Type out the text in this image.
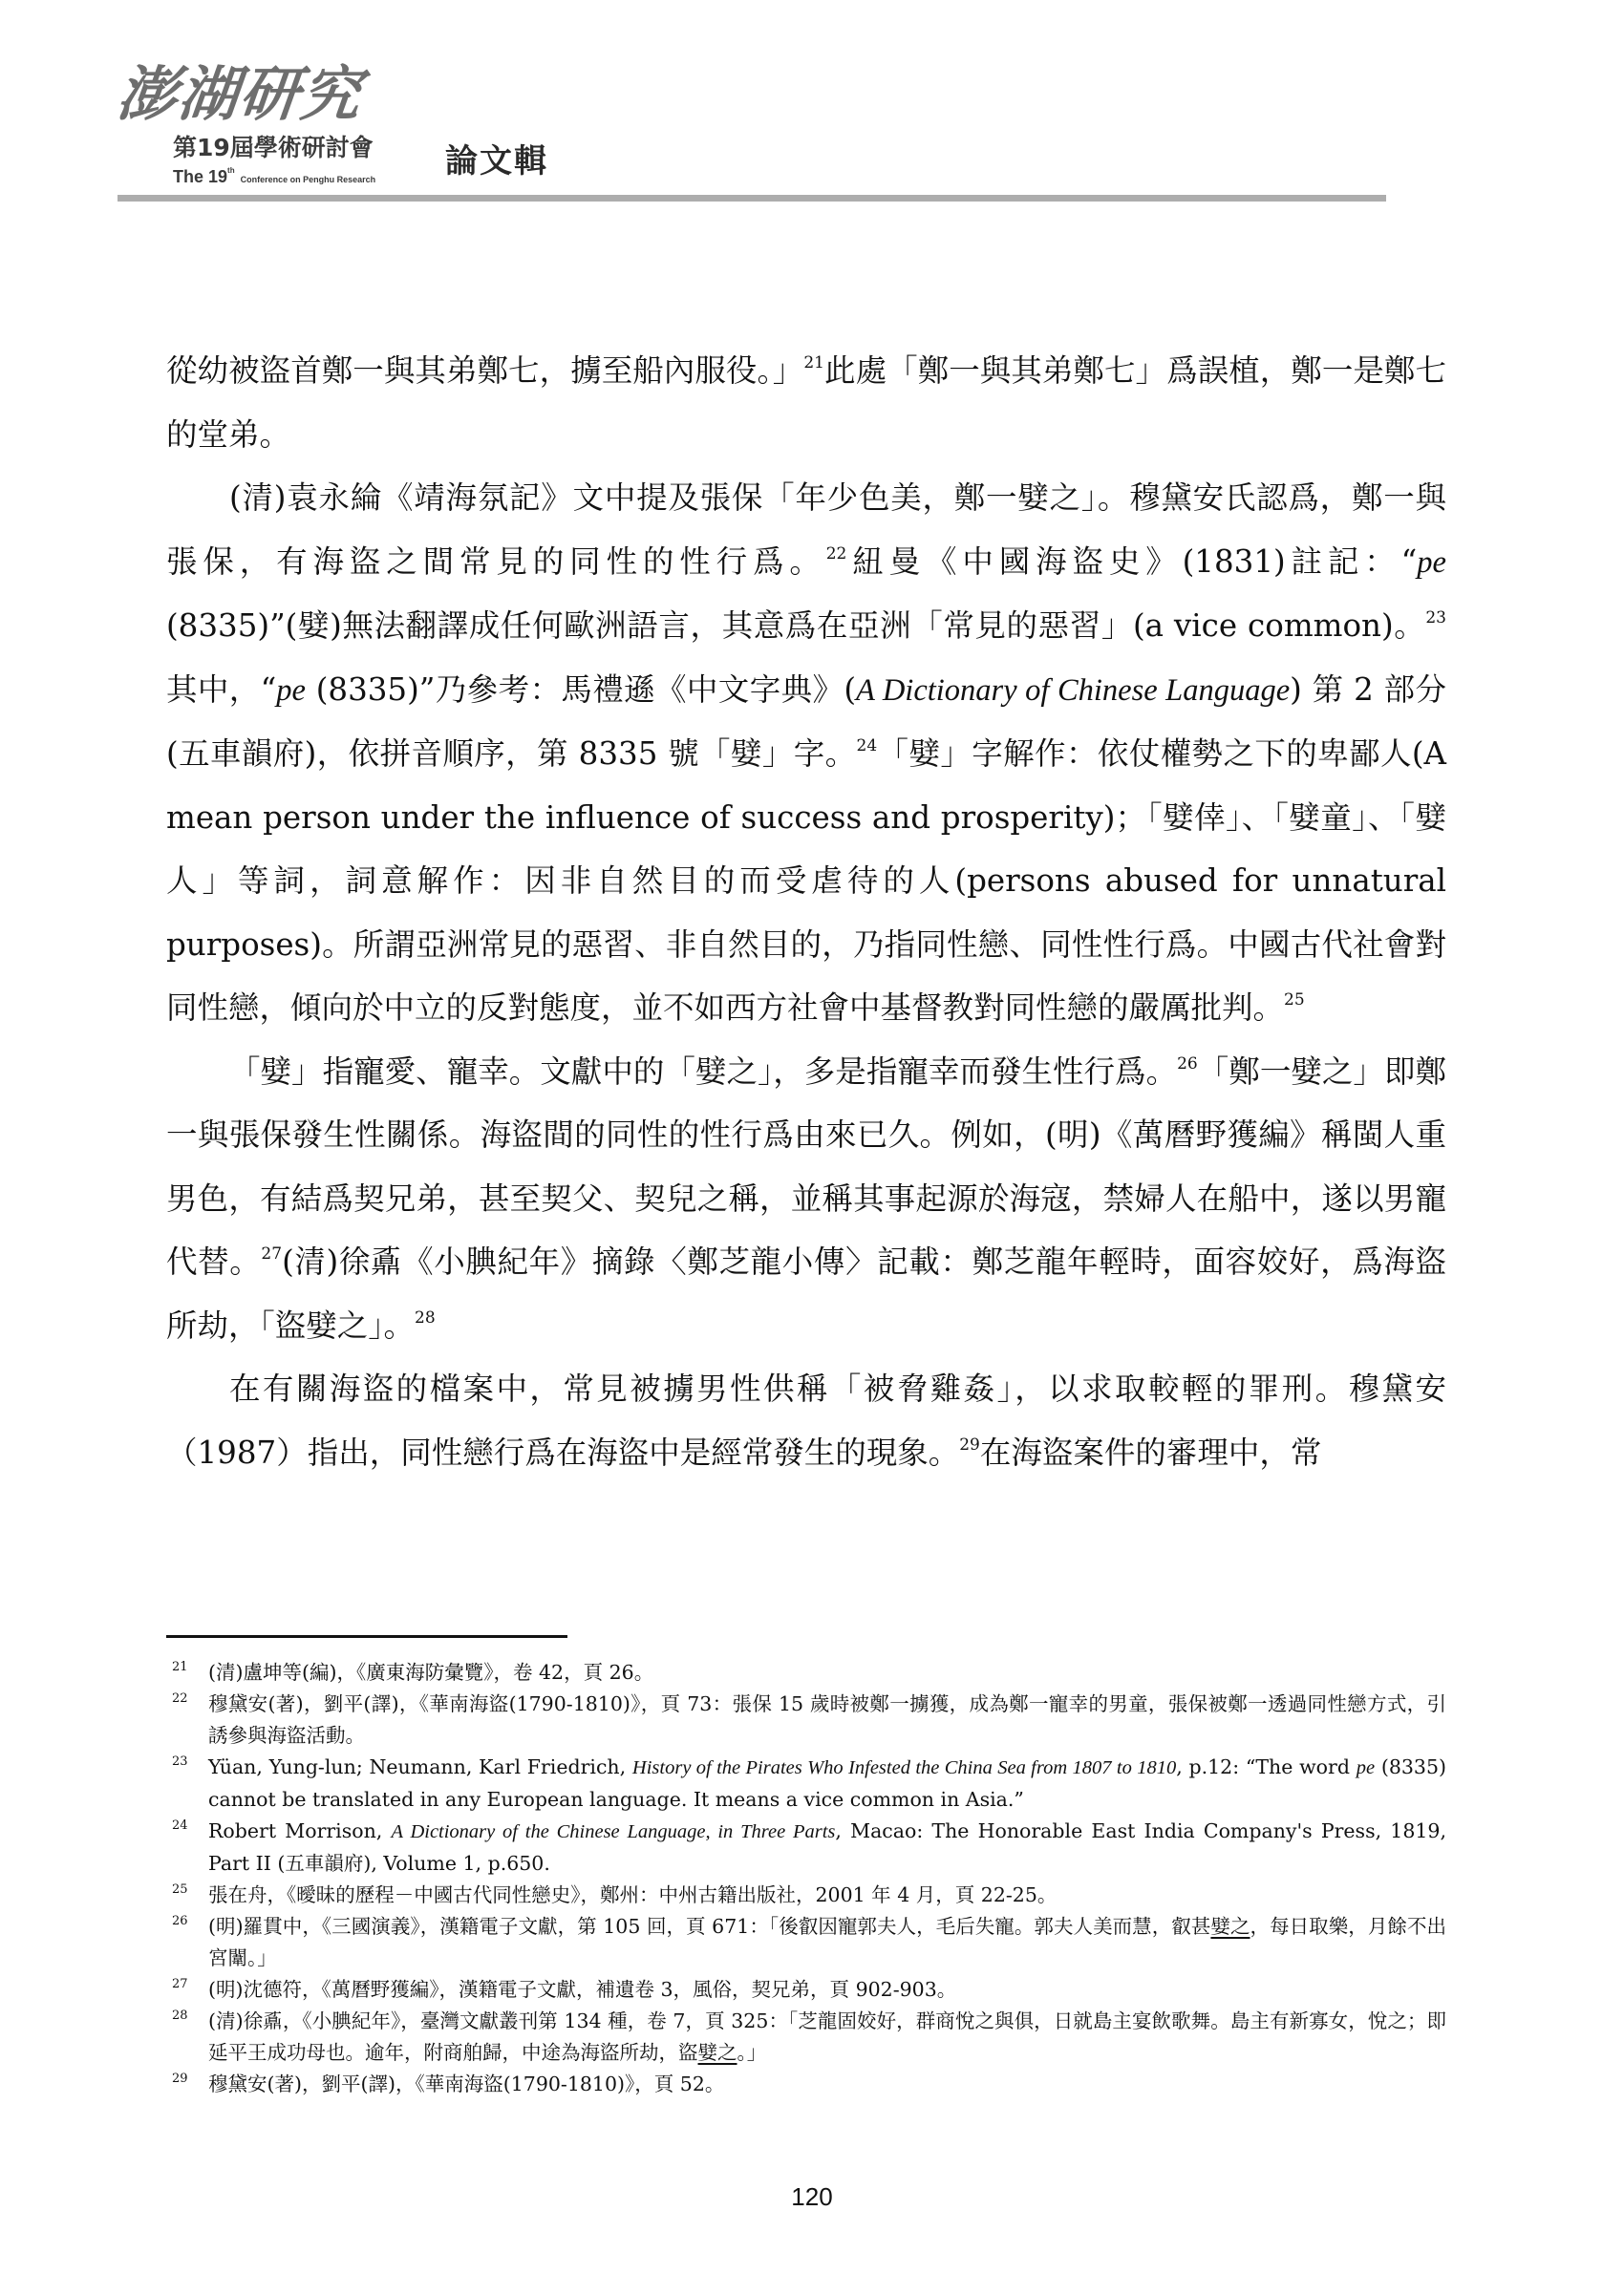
澎湖研究
第19屆學術研討會
The 19thConference on Penghu Research 論文輯

從幼被盜首鄭一與其弟鄭七，擄至船內服役。」$^{21}$此處「鄭一與其弟鄭七」爲誤植，鄭一是鄭七的堂弟。

(清)袁永綸《靖海氛記》文中提及張保「年少色美，鄭一嬖之」。穆黛安氏認爲，鄭一與張保，有海盜之間常見的同性的性行爲。$^{22}$紐曼《中國海盜史》(1831)註記：“pe (8335)”(嬖)無法翻譯成任何歐洲語言，其意爲在亞洲「常見的惡習」(a vice common)。$^{23}$其中，“pe (8335)”乃參考：馬禮遜《中文字典》(A Dictionary of Chinese Language) 第 2 部分(五車韻府)，依拼音順序，第 8335 號「嬖」字。$^{24}$「嬖」字解作：依仗權勢之下的卑鄙人(A mean person under the influence of success and prosperity)；「嬖倖」、「嬖童」、「嬖人」等詞，詞意解作：因非自然目的而受虐待的人(persons abused for unnatural purposes)。所謂亞洲常見的惡習、非自然目的，乃指同性戀、同性性行爲。中國古代社會對同性戀，傾向於中立的反對態度，並不如西方社會中基督教對同性戀的嚴厲批判。$^{25}$

「嬖」指寵愛、寵幸。文獻中的「嬖之」，多是指寵幸而發生性行爲。$^{26}$「鄭一嬖之」即鄭一與張保發生性關係。海盜間的同性的性行爲由來已久。例如，(明)《萬曆野獲編》稱閩人重男色，有結爲契兄弟，甚至契父、契兒之稱，並稱其事起源於海寇，禁婦人在船中，遂以男寵代替。$^{27}$(清)徐鼒《小腆紀年》摘錄〈鄭芝龍小傳〉記載：鄭芝龍年輕時，面容姣好，爲海盜所劫，「盜嬖之」。$^{28}$

在有關海盜的檔案中，常見被擄男性供稱「被脅雞姦」，以求取較輕的罪刑。穆黛安（1987）指出，同性戀行爲在海盜中是經常發生的現象。$^{29}$在海盜案件的審理中，常

21 (清)盧坤等(編)，《廣東海防彙覽》，卷 42，頁 26。
22 穆黛安(著)，劉平(譯)，《華南海盜(1790-1810)》，頁 73：張保 15 歲時被鄭一擄獲，成為鄭一寵幸的男童，張保被鄭一透過同性戀方式，引誘參與海盜活動。
23 Yüan, Yung-lun; Neumann, Karl Friedrich, History of the Pirates Who Infested the China Sea from 1807 to 1810, p.12: “The word pe (8335) cannot be translated in any European language. It means a vice common in Asia.”
24 Robert Morrison, A Dictionary of the Chinese Language, in Three Parts, Macao: The Honorable East India Company's Press, 1819, Part II (五車韻府), Volume 1, p.650.
25 張在舟，《曖昧的歷程－中國古代同性戀史》，鄭州：中州古籍出版社，2001 年 4 月，頁 22-25。
26 (明)羅貫中，《三國演義》，漢籍電子文獻，第 105 回，頁 671：「後叡因寵郭夫人，毛后失寵。郭夫人美而慧，叡甚嬖之，每日取樂，月餘不出宮闈。」
27 (明)沈德符，《萬曆野獲編》，漢籍電子文獻，補遺卷 3，風俗，契兄弟，頁 902-903。
28 (清)徐鼒，《小腆紀年》，臺灣文獻叢刊第 134 種，卷 7，頁 325：「芝龍固姣好，群商悅之與俱，日就島主宴飲歌舞。島主有新寡女，悅之；即延平王成功母也。逾年，附商舶歸，中途為海盜所劫，盜嬖之。」
29 穆黛安(著)，劉平(譯)，《華南海盜(1790-1810)》，頁 52。
120
